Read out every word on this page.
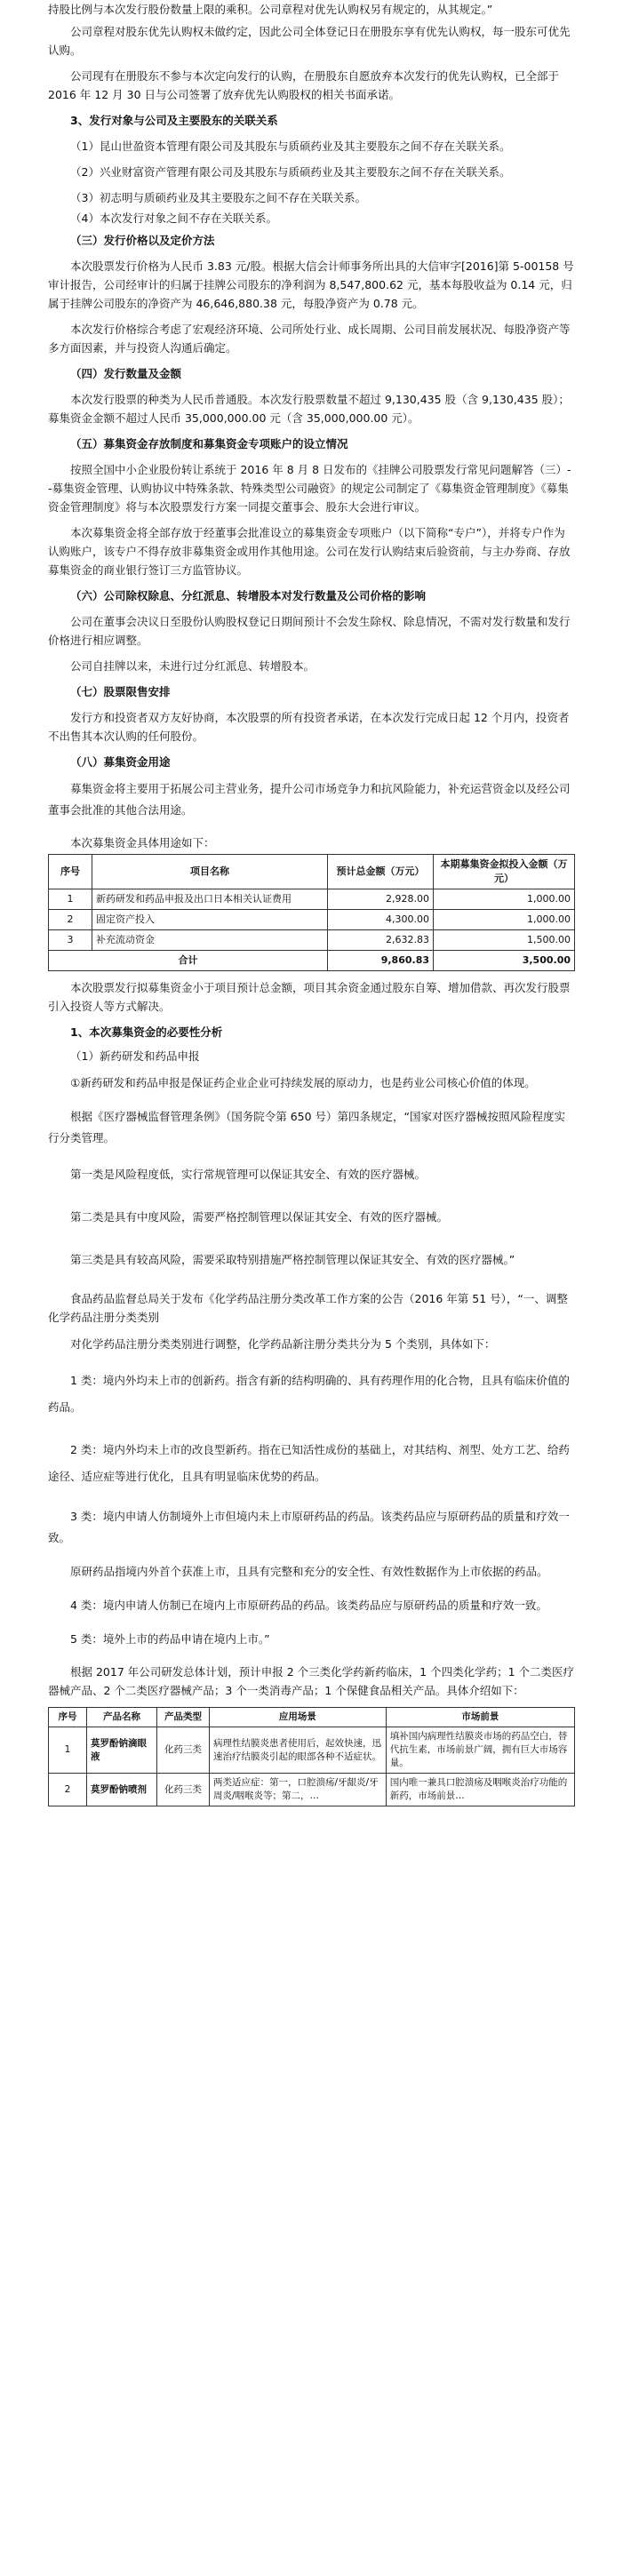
持股比例与本次发行股份数量上限的乘积。公司章程对优先认购权另有规定的，从其规定。”

公司章程对股东优先认购权未做约定，因此公司全体登记日在册股东享有优先认购权，每一股东可优先认购。

公司现有在册股东不参与本次定向发行的认购，在册股东自愿放弃本次发行的优先认购权，已全部于 2016 年 12 月 30 日与公司签署了放弃优先认购股权的相关书面承诺。

3、发行对象与公司及主要股东的关联关系

（1）昆山世盈资本管理有限公司及其股东与质硕药业及其主要股东之间不存在关联关系。

（2）兴业财富资产管理有限公司及其股东与质硕药业及其主要股东之间不存在关联关系。

（3）初志明与质硕药业及其主要股东之间不存在关联关系。

（4）本次发行对象之间不存在关联关系。

（三）发行价格以及定价方法

本次股票发行价格为人民币 3.83 元/股。根据大信会计师事务所出具的大信审字[2016]第 5-00158 号审计报告，公司经审计的归属于挂牌公司股东的净利润为 8,547,800.62 元，基本每股收益为 0.14 元，归属于挂牌公司股东的净资产为 46,646,880.38 元，每股净资产为 0.78 元。

本次发行价格综合考虑了宏观经济环境、公司所处行业、成长周期、公司目前发展状况、每股净资产等多方面因素，并与投资人沟通后确定。

（四）发行数量及金额

本次发行股票的种类为人民币普通股。本次发行股票数量不超过 9,130,435 股（含 9,130,435 股）；募集资金金额不超过人民币 35,000,000.00 元（含 35,000,000.00 元）。

（五）募集资金存放制度和募集资金专项账户的设立情况

按照全国中小企业股份转让系统于 2016 年 8 月 8 日发布的《挂牌公司股票发行常见问题解答（三）--募集资金管理、认购协议中特殊条款、特殊类型公司融资》的规定公司制定了《募集资金管理制度》《募集资金管理制度》将与本次股票发行方案一同提交董事会、股东大会进行审议。

本次募集资金将全部存放于经董事会批准设立的募集资金专项账户（以下简称“专户”），并将专户作为认购账户，该专户不得存放非募集资金或用作其他用途。公司在发行认购结束后验资前，与主办券商、存放募集资金的商业银行签订三方监管协议。

（六）公司除权除息、分红派息、转增股本对发行数量及公司价格的影响

公司在董事会决议日至股份认购股权登记日期间预计不会发生除权、除息情况，不需对发行数量和发行价格进行相应调整。

公司自挂牌以来，未进行过分红派息、转增股本。

（七）股票限售安排

发行方和投资者双方友好协商，本次股票的所有投资者承诺，在本次发行完成日起 12 个月内，投资者不出售其本次认购的任何股份。

（八）募集资金用途

募集资金将主要用于拓展公司主营业务，提升公司市场竞争力和抗风险能力，补充运营资金以及经公司董事会批准的其他合法用途。

本次募集资金具体用途如下：

序号	项目名称	预计总金额（万元）	本期募集资金拟投入金额（万元）
1	新药研发和药品申报及出口日本相关认证费用	2,928.00	1,000.00
2	固定资产投入	4,300.00	1,000.00
3	补充流动资金	2,632.83	1,500.00
合计		9,860.83	3,500.00

本次股票发行拟募集资金小于项目预计总金额，项目其余资金通过股东自筹、增加借款、再次发行股票引入投资人等方式解决。

1、本次募集资金的必要性分析

（1）新药研发和药品申报

①新药研发和药品申报是保证药企业企业可持续发展的原动力，也是药业公司核心价值的体现。

根据《医疗器械监督管理条例》（国务院令第 650 号）第四条规定，“国家对医疗器械按照风险程度实行分类管理。

第一类是风险程度低，实行常规管理可以保证其安全、有效的医疗器械。

第二类是具有中度风险，需要严格控制管理以保证其安全、有效的医疗器械。

第三类是具有较高风险，需要采取特别措施严格控制管理以保证其安全、有效的医疗器械。”

食品药品监督总局关于发布《化学药品注册分类改革工作方案的公告（2016 年第 51 号），“一、调整化学药品注册分类类别

对化学药品注册分类类别进行调整，化学药品新注册分类共分为 5 个类别，具体如下：

1 类：境内外均未上市的创新药。指含有新的结构明确的、具有药理作用的化合物，且具有临床价值的药品。

2 类：境内外均未上市的改良型新药。指在已知活性成份的基础上，对其结构、剂型、处方工艺、给药途径、适应症等进行优化，且具有明显临床优势的药品。

3 类：境内申请人仿制境外上市但境内未上市原研药品的药品。该类药品应与原研药品的质量和疗效一致。

原研药品指境内外首个获准上市，且具有完整和充分的安全性、有效性数据作为上市依据的药品。

4 类：境内申请人仿制已在境内上市原研药品的药品。该类药品应与原研药品的质量和疗效一致。

5 类：境外上市的药品申请在境内上市。”

根据 2017 年公司研发总体计划，预计申报 2 个三类化学药新药临床，1 个四类化学药；1 个二类医疗器械产品、2 个二类医疗器械产品；3 个一类消毒产品；1 个保健食品相关产品。具体介绍如下：

序号	产品名称	产品类型	应用场景	市场前景
1	莫罗酚钠滴眼液	化药三类	病理性结膜炎患者使用后，起效快速，迅速治疗结膜炎引起的眼部各种不适症状。	填补国内病理性结膜炎市场的药品空白，替代抗生素，市场前景广阔，拥有巨大市场容量。
2	莫罗酚钠喷剂	化药三类	两类适应症：第一，口腔溃疡/牙龈炎/牙周炎/咽喉炎等；第二，…	国内唯一兼具口腔溃疡及咽喉炎治疗功能的新药，市场前景…
